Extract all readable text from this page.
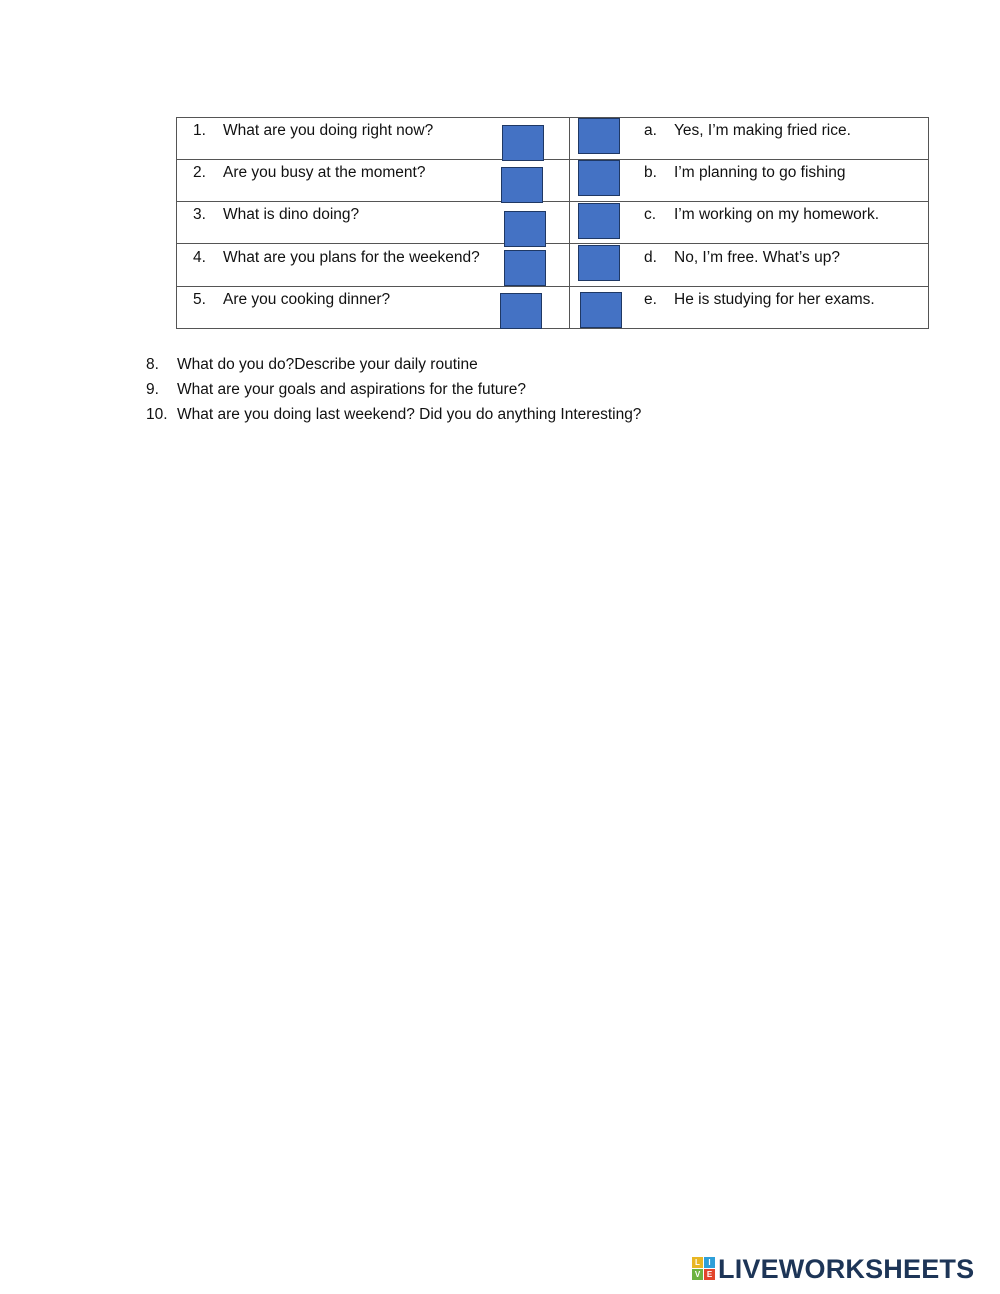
1. What are you doing right now?	a. Yes, I’m making fried rice.
2. Are you busy at the moment?	b. I’m planning to go fishing
3. What is dino doing?	c. I’m working on my homework.
4. What are you plans for the weekend?	d. No, I’m free. What’s up?
5. Are you cooking dinner?	e. He is studying for her exams.
8. What do you do?Describe your daily routine
9. What are your goals and aspirations for the future?
10. What are you doing last weekend? Did you do anything Interesting?
L	I
V E LIVEWORKSHEETS
